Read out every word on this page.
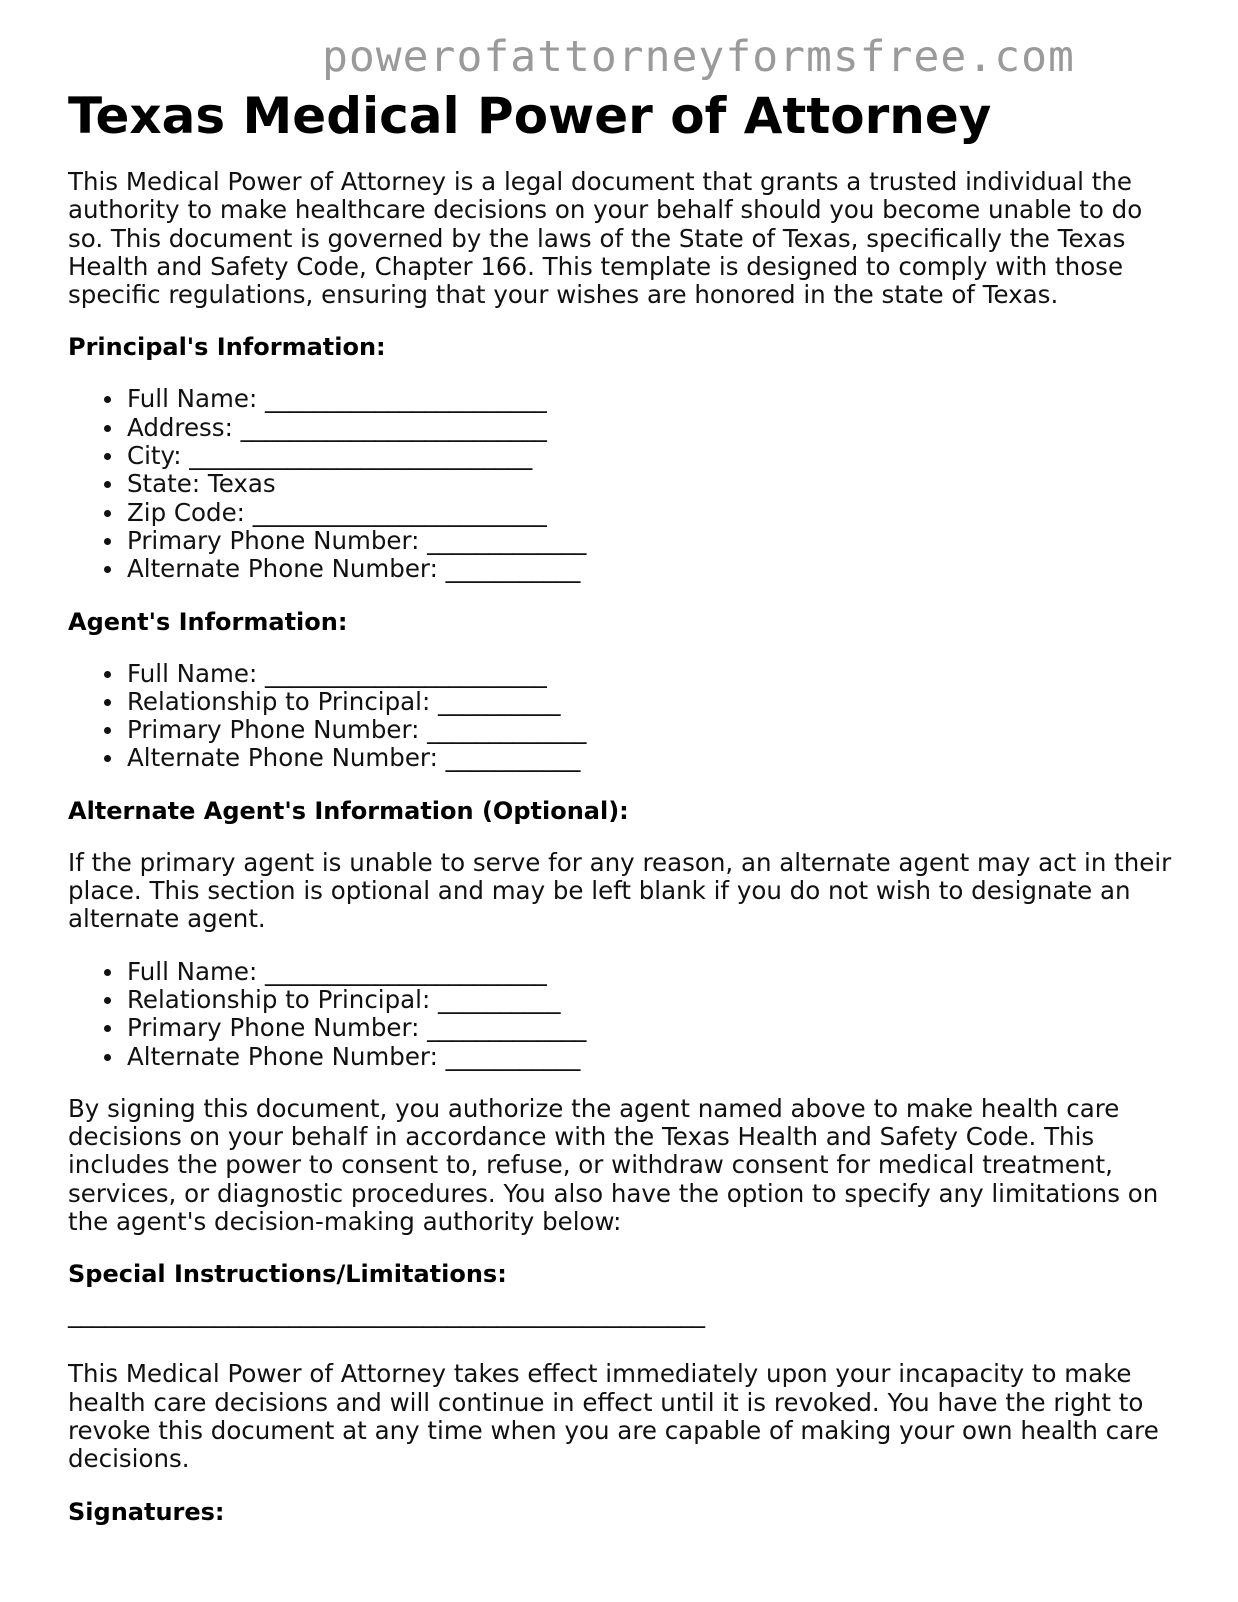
powerofattorneyformsfree.com
Texas Medical Power of Attorney

This Medical Power of Attorney is a legal document that grants a trusted individual the authority to make healthcare decisions on your behalf should you become unable to do so. This document is governed by the laws of the State of Texas, specifically the Texas Health and Safety Code, Chapter 166. This template is designed to comply with those specific regulations, ensuring that your wishes are honored in the state of Texas.

Principal's Information:
Full Name: _______________________
Address: _________________________
City: ____________________________
State: Texas
Zip Code: ________________________
Primary Phone Number: _____________
Alternate Phone Number: ___________
Agent's Information:
Full Name: _______________________
Relationship to Principal: __________
Primary Phone Number: _____________
Alternate Phone Number: ___________
Alternate Agent's Information (Optional):

If the primary agent is unable to serve for any reason, an alternate agent may act in their place. This section is optional and may be left blank if you do not wish to designate an alternate agent.

Full Name: _______________________
Relationship to Principal: __________
Primary Phone Number: _____________
Alternate Phone Number: ___________

By signing this document, you authorize the agent named above to make health care decisions on your behalf in accordance with the Texas Health and Safety Code. This includes the power to consent to, refuse, or withdraw consent for medical treatment, services, or diagnostic procedures. You also have the option to specify any limitations on the agent's decision-making authority below:

Special Instructions/Limitations:
____________________________________________________

This Medical Power of Attorney takes effect immediately upon your incapacity to make health care decisions and will continue in effect until it is revoked. You have the right to revoke this document at any time when you are capable of making your own health care decisions.

Signatures:
